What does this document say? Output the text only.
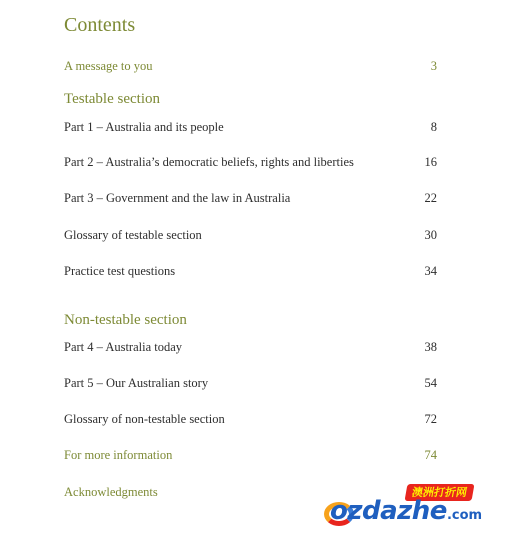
Contents
A message to you	3
Testable section
Part 1 – Australia and its people	8
Part 2 – Australia’s democratic beliefs, rights and liberties	16
Part 3 – Government and the law in Australia	22
Glossary of testable section	30
Practice test questions	34
Non-testable section
Part 4 – Australia today	38
Part 5 – Our Australian story	54
Glossary of non-testable section	72
For more information	74
Acknowledgments	澳洲打折网
ozdazhe.com
